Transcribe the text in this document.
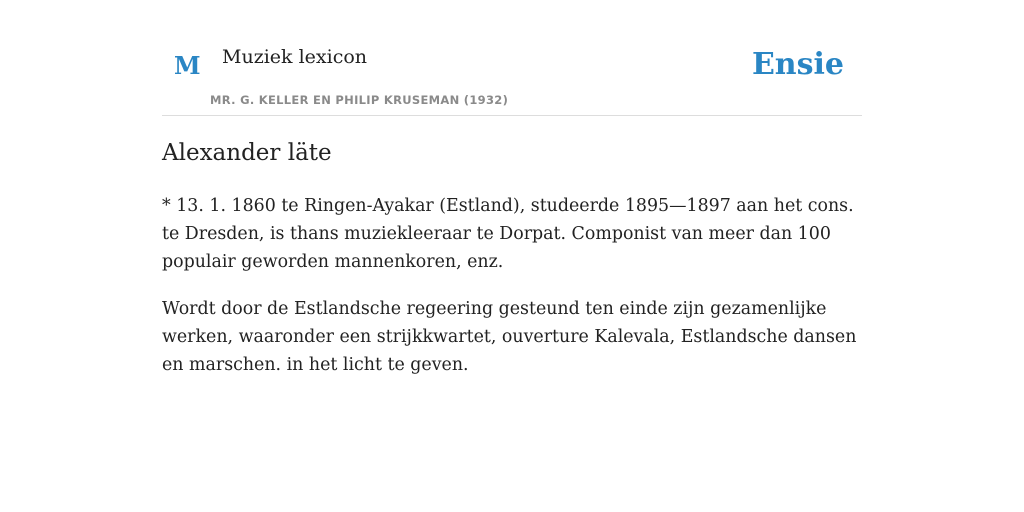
M Muziek lexicon
MR. G. KELLER EN PHILIP KRUSEMAN (1932)
Ensie
Alexander läte

* 13. 1. 1860 te Ringen-Ayakar (Estland), studeerde 1895—1897 aan het cons. te Dresden, is thans muziekleeraar te Dorpat. Componist van meer dan 100 populair geworden mannenkoren, enz.

Wordt door de Estlandsche regeering gesteund ten einde zijn gezamenlijke werken, waaronder een strijkkwartet, ouverture Kalevala, Estlandsche dansen en marschen. in het licht te geven.
